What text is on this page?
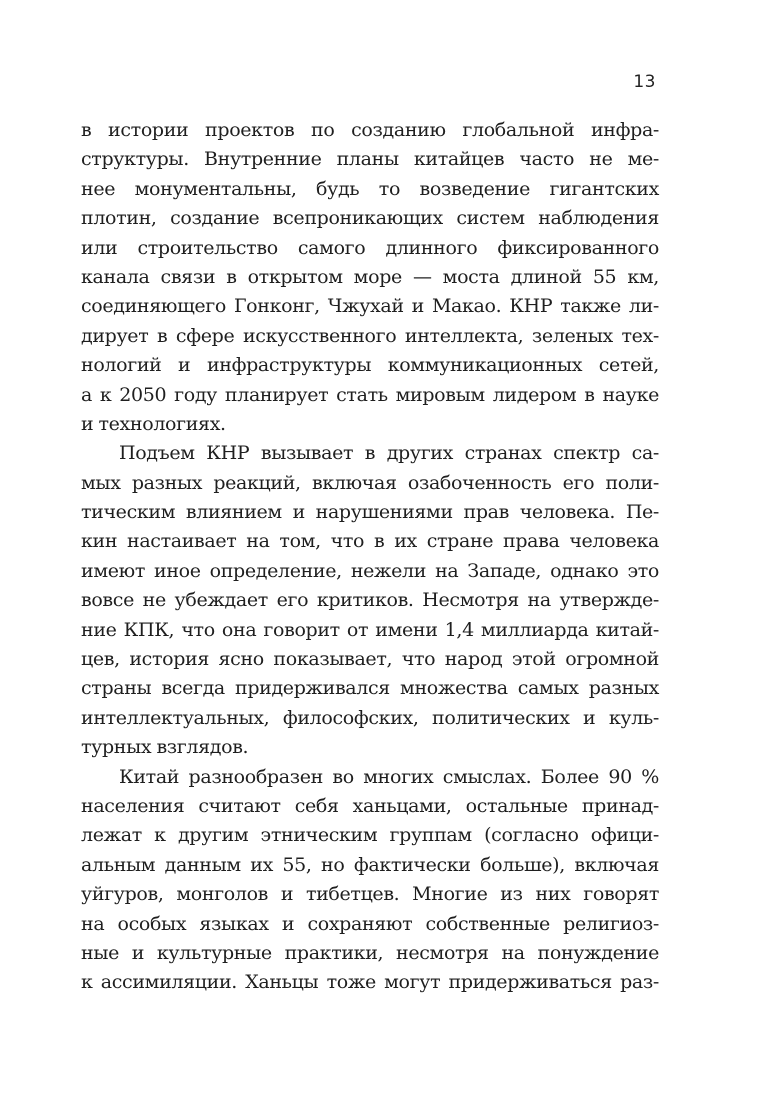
13
в истории проектов по созданию глобальной инфра-
структуры. Внутренние планы китайцев часто не ме-
нее монументальны, будь то возведение гигантских
плотин, создание всепроникающих систем наблюдения
или строительство самого длинного фиксированного
канала связи в открытом море — моста длиной 55 км,
соединяющего Гонконг, Чжухай и Макао. КНР также ли-
дирует в сфере искусственного интеллекта, зеленых тех-
нологий и инфраструктуры коммуникационных сетей,
а к 2050 году планирует стать мировым лидером в науке
и технологиях.
Подъем КНР вызывает в других странах спектр са-
мых разных реакций, включая озабоченность его поли-
тическим влиянием и нарушениями прав человека. Пе-
кин настаивает на том, что в их стране права человека
имеют иное определение, нежели на Западе, однако это
вовсе не убеждает его критиков. Несмотря на утвержде-
ние КПК, что она говорит от имени 1,4 миллиарда китай-
цев, история ясно показывает, что народ этой огромной
страны всегда придерживался множества самых разных
интеллектуальных, философских, политических и куль-
турных взглядов.
Китай разнообразен во многих смыслах. Более 90 %
населения считают себя ханьцами, остальные принад-
лежат к другим этническим группам (согласно офици-
альным данным их 55, но фактически больше), включая
уйгуров, монголов и тибетцев. Многие из них говорят
на особых языках и сохраняют собственные религиоз-
ные и культурные практики, несмотря на понуждение
к ассимиляции. Ханьцы тоже могут придерживаться раз-
